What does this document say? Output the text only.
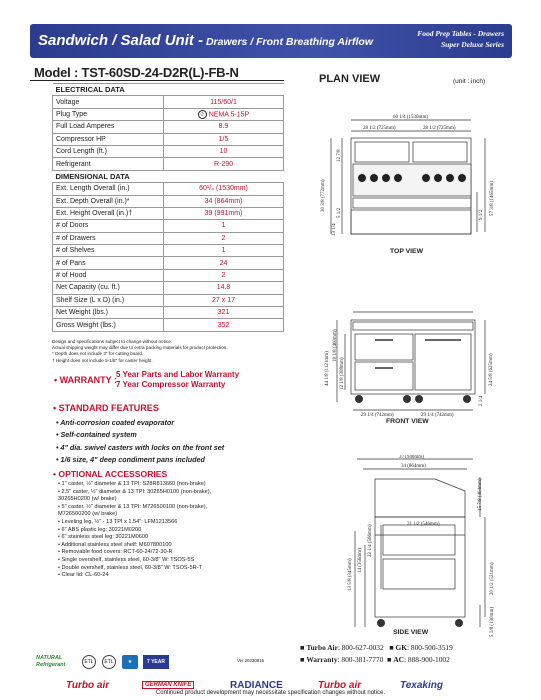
Sandwich / Salad Unit - Drawers / Front Breathing Airflow
Food Prep Tables - Drawers
Super Deluxe Series
Model : TST-60SD-24-D2R(L)-FB-N
ELECTRICAL DATA	
Voltage	115/60/1
Plug Type	⏀ NEMA 5-15P
Full Load Amperes	8.9
Compressor HP	1/5
Cord Length (ft.)	10
Refrigerant	R-290
DIMENSIONAL DATA	
Ext. Length Overall (in.)	60¹/₄ (1530mm)
Ext. Depth Overall (in.)*	34 (864mm)
Ext. Height Overall (in.)†	39 (991mm)
# of Doors	1
# of Drawers	2
# of Shelves	1
# of Pans	24
# of Hood	2
Net Capacity (cu. ft.)	14.8
Shelf Size (L x D) (in.)	27 x 17
Net Weight (lbs.)	321
Gross Weight (lbs.)	352
Design and specifications subject to change without notice.
Actual shipping weight may differ due to extra packing materials for product protection.
* Depth does not include 3" for cutting board.
† Height does not include 5-1/8" for caster height.
• WARRANTY :
5 Year Parts and Labor Warranty
7 Year Compressor Warranty
• STANDARD FEATURES
• Anti-corrosion coated evaporator
• Self-contained system
• 4" dia. swivel casters with locks on the front set
• 1/6 size, 4" deep condiment pans included
• OPTIONAL ACCESSORIES
• 1" caster, ½" diameter & 13 TPI: S28R813660 (non-brake)
• 2.5" caster, ½" diameter & 13 TPI: 30265H0100 (non-brake),
30265H0200 (w/ brake)
• 5" caster, ½" diameter & 13 TPI: M726500100 (non-brake),
M726500200 (w/ brake)
• Leveling leg, ½" - 13 TPI x 1.54": LFM1213566
• 6" ABS plastic leg: 30221M0200
• 6" stainless steel leg: 30221M0600
• Additional stainless steel shelf: M607800100
• Removable food covers: RCT-60-24/72-30-R
• Single overshelf, stainless steel, 60-3/8" W: TSOS-5S
• Double overshelf, stainless steel, 60-3/8" W: TSOS-5R-T
• Clear lid: CL-60-24
Ver.20230816
PLAN VIEW	(unit : inch)
60 1/4 (1530mm)
28 1/2 (725mm)	28 1/2 (725mm)
30 3/8 (772mm)
12 7/8
5 1/2
13 1/4
9 1/2 57 3/8 (1465mm)
TOP VIEW
44 1/8 (1121mm)
18 1/8 (460mm)
12 1/8 (308mm)	24 5/8 (625mm)
2 1/4
29 1/4 (742mm)	29 1/4 (742mm)
FRONT VIEW
37 (940mm)
34 (864mm)
15 7/8 (404mm)
21 1/2 (546mm)
22 1/4 (566mm)
14 (356mm)
13 5/8 (345mm)	20 1/2 (521mm)
5 1/8 (130mm)
SIDE VIEW
■ Turbo Air: 800-627-0032   ■ GK: 800-500-3519
■ Warranty: 800-381-7770  ■ AC: 888-900-1002
NATURAL
Refrigerant	ETL	ETL	★	7 YEAR
Turbo air	GERMAN KNIFE	RADIANCE	Turbo air	Texaking
Continued product development may necessitate specification changes without notice.
